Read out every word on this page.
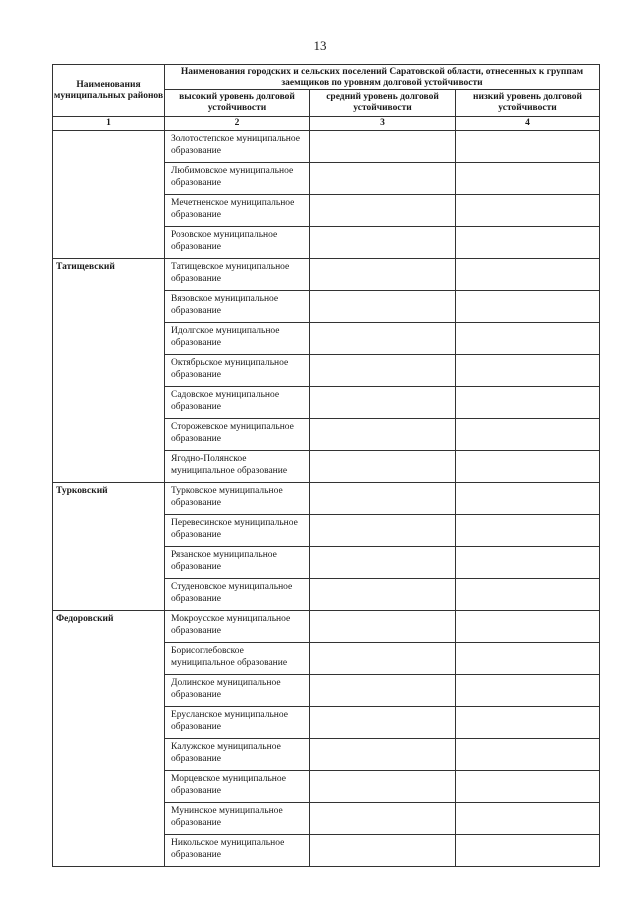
13
Наименования муниципальных районов	Наименования городских и сельских поселений Саратовской области, отнесенных к группам заемщиков по уровням долговой устойчивости		
	высокий уровень долговой устойчивости	средний уровень долговой устойчивости	низкий уровень долговой устойчивости
1	2	3	4
	Золотостепское муниципальное образование		
	Любимовское муниципальное образование		
	Мечетненское муниципальное образование		
	Розовское муниципальное образование		
Татищевский	Татищевское муниципальное образование		
	Вязовское муниципальное образование		
	Идолгское муниципальное образование		
	Октябрьское муниципальное образование		
	Садовское муниципальное образование		
	Сторожевское муниципальное образование		
	Ягодно-Полянское муниципальное образование		
Турковский	Турковское муниципальное образование		
	Перевесинское муниципальное образование		
	Рязанское муниципальное образование		
	Студеновское муниципальное образование		
Федоровский	Мокроусское муниципальное образование		
	Борисоглебовское муниципальное образование		
	Долинское муниципальное образование		
	Ерусланское муниципальное образование		
	Калужское муниципальное образование		
	Морцевское муниципальное образование		
	Мунинское муниципальное образование		
	Никольское муниципальное образование		
